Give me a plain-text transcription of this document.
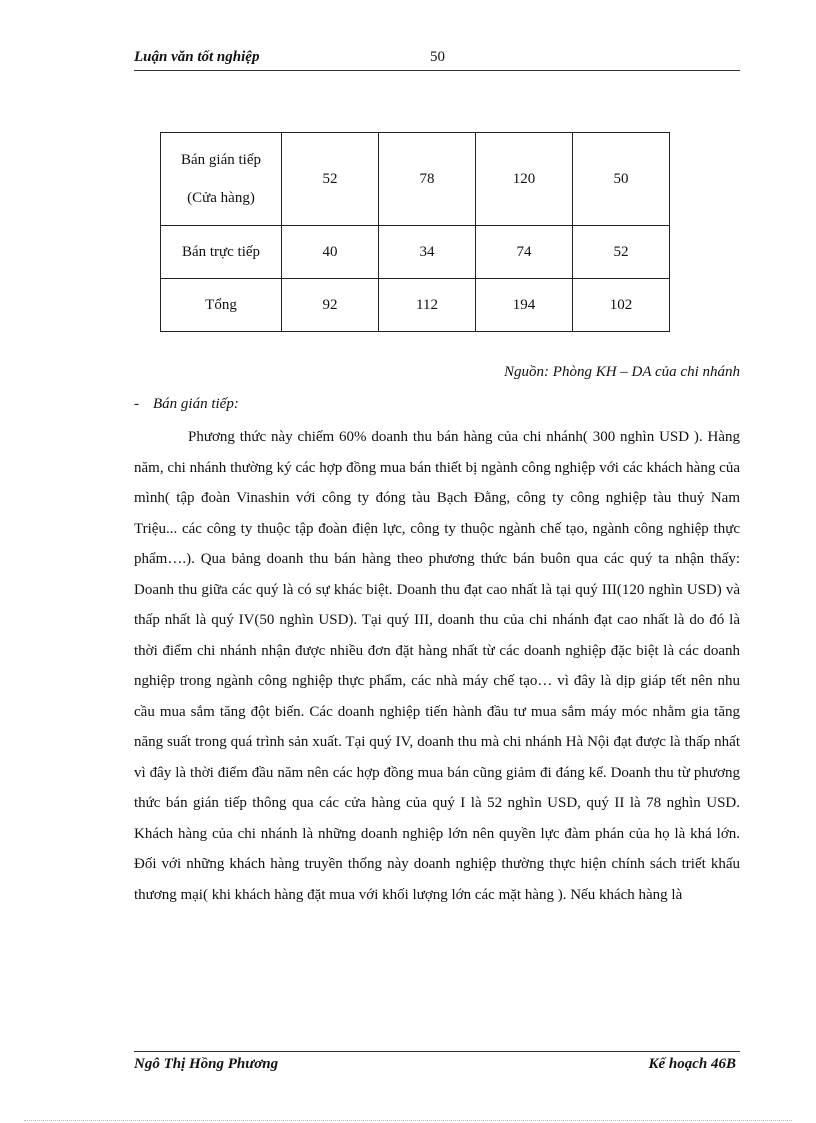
Luận văn tốt nghiệp	50
Bán gián tiếp
(Cửa hàng)	52	78	120	50
Bán trực tiếp	40	34	74	52
Tổng	92	112	194	102
Nguồn: Phòng KH – DA của chi nhánh
- Bán gián tiếp:

Phương thức này chiếm 60% doanh thu bán hàng của chi nhánh( 300 nghìn USD ). Hàng năm, chi nhánh thường ký các hợp đồng mua bán thiết bị ngành công nghiệp với các khách hàng của mình( tập đoàn Vinashin với công ty đóng tàu Bạch Đằng, công ty công nghiệp tàu thuỷ Nam Triệu... các công ty thuộc tập đoàn điện lực, công ty thuộc ngành chế tạo, ngành công nghiệp thực phẩm….). Qua bảng doanh thu bán hàng theo phương thức bán buôn qua các quý ta nhận thấy: Doanh thu giữa các quý là có sự khác biệt. Doanh thu đạt cao nhất là tại quý III(120 nghìn USD) và thấp nhất là quý IV(50 nghìn USD). Tại quý III, doanh thu của chi nhánh đạt cao nhất là do đó là thời điểm chi nhánh nhận được nhiều đơn đặt hàng nhất từ các doanh nghiệp đặc biệt là các doanh nghiệp trong ngành công nghiệp thực phẩm, các nhà máy chế tạo… vì đây là dịp giáp tết nên nhu cầu mua sắm tăng đột biến. Các doanh nghiệp tiến hành đầu tư mua sắm máy móc nhằm gia tăng năng suất trong quá trình sản xuất. Tại quý IV, doanh thu mà chi nhánh Hà Nội đạt được là thấp nhất vì đây là thời điểm đầu năm nên các hợp đồng mua bán cũng giảm đi đáng kể. Doanh thu từ phương thức bán gián tiếp thông qua các cửa hàng của quý I là 52 nghìn USD, quý II là 78 nghìn USD. Khách hàng của chi nhánh là những doanh nghiệp lớn nên quyền lực đàm phán của họ là khá lớn. Đối với những khách hàng truyền thống này doanh nghiệp thường thực hiện chính sách triết khấu thương mại( khi khách hàng đặt mua với khối lượng lớn các mặt hàng ). Nếu khách hàng là

Ngô Thị Hồng Phương	Kế hoạch 46B
